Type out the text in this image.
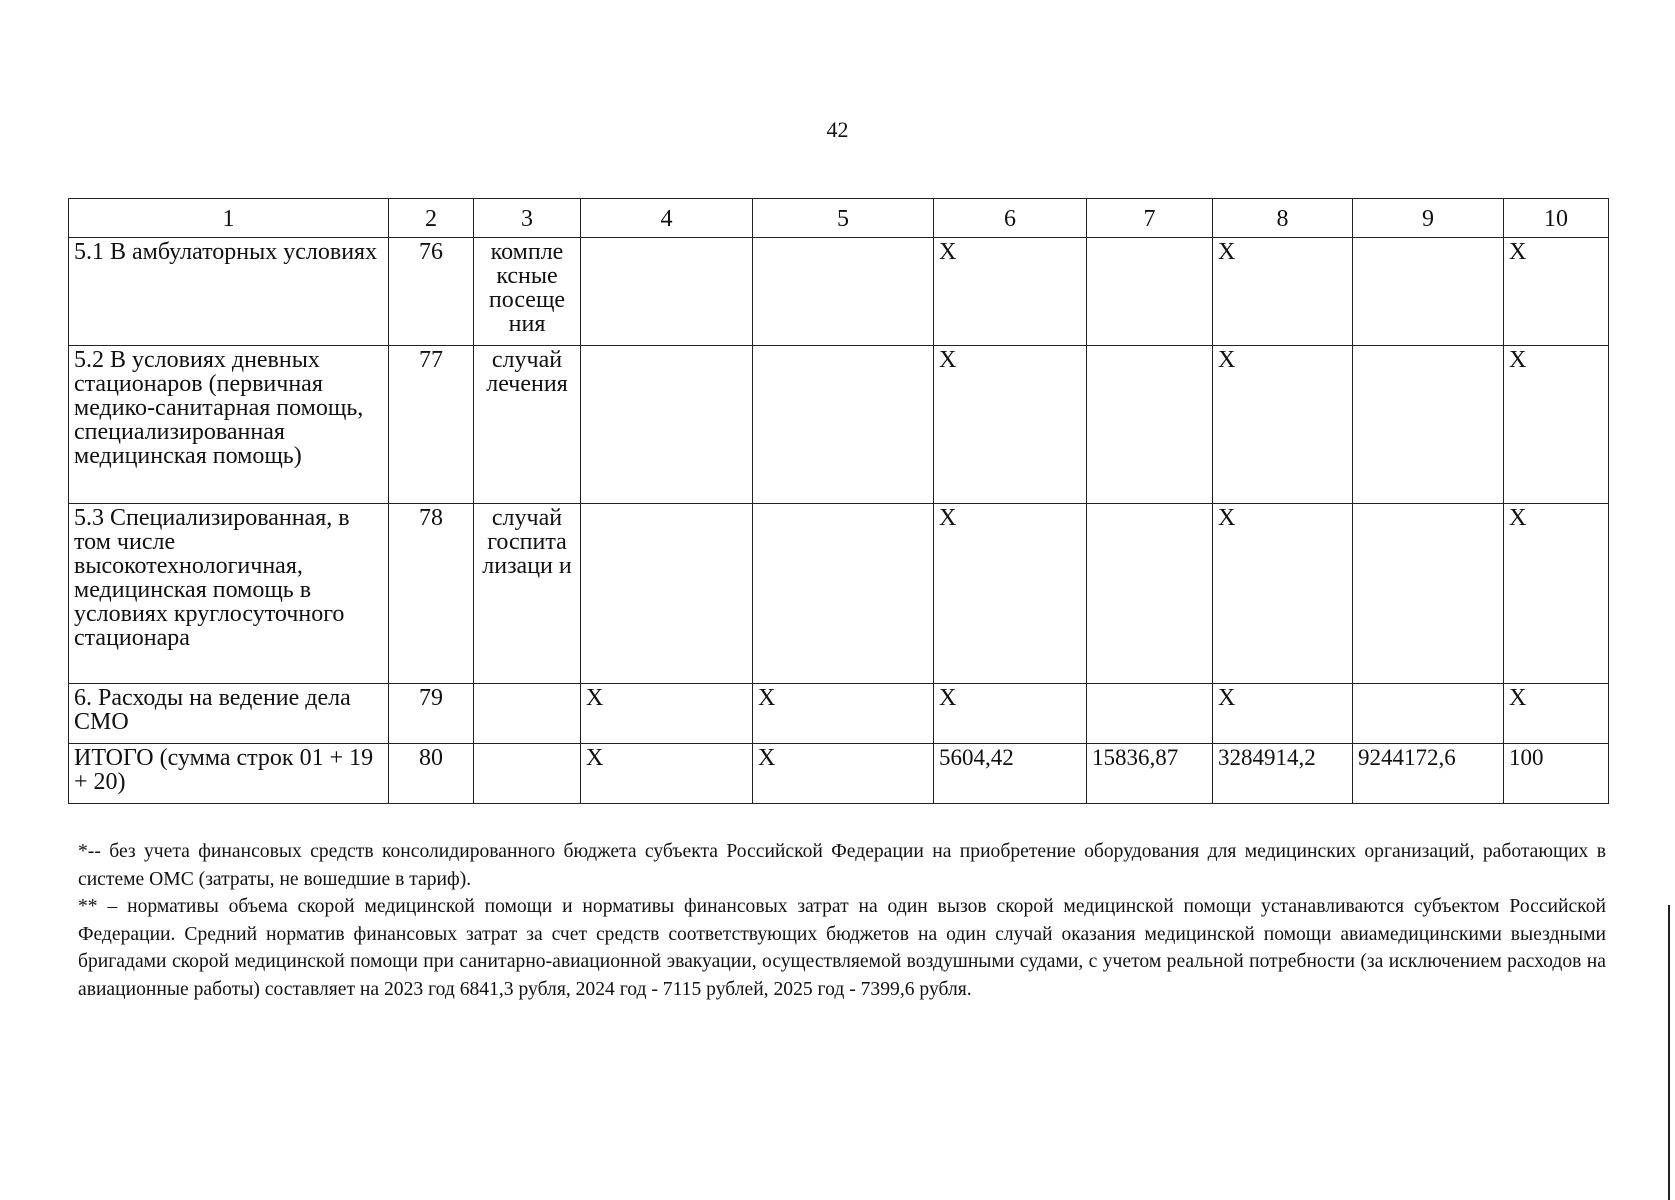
42
1	2	3	4	5	6	7	8	9	10
5.1 В амбулаторных условиях	76	компле ксные посеще ния			X		X		X
5.2 В условиях дневных стационаров (первичная медико-санитарная помощь, специализированная медицинская помощь)	77	случай лечения			X		X		X
5.3 Специализированная, в том числе высокотехнологичная, медицинская помощь в условиях круглосуточного стационара	78	случай госпита лизаци и			X		X		X
6. Расходы на ведение дела СМО	79		X	X	X		X		X
ИТОГО (сумма строк 01 + 19 + 20)	80		X	X	5604,42	15836,87	3284914,2	9244172,6	100

*-- без учета финансовых средств консолидированного бюджета субъекта Российской Федерации на приобретение оборудования для медицинских организаций, работающих в системе ОМС (затраты, не вошедшие в тариф).

** – нормативы объема скорой медицинской помощи и нормативы финансовых затрат на один вызов скорой медицинской помощи устанавливаются субъектом Российской Федерации. Средний норматив финансовых затрат за счет средств соответствующих бюджетов на один случай оказания медицинской помощи авиамедицинскими выездными бригадами скорой медицинской помощи при санитарно-авиационной эвакуации, осуществляемой воздушными судами, с учетом реальной потребности (за исключением расходов на авиационные работы) составляет на 2023 год 6841,3 рубля, 2024 год - 7115 рублей, 2025 год - 7399,6 рубля.
